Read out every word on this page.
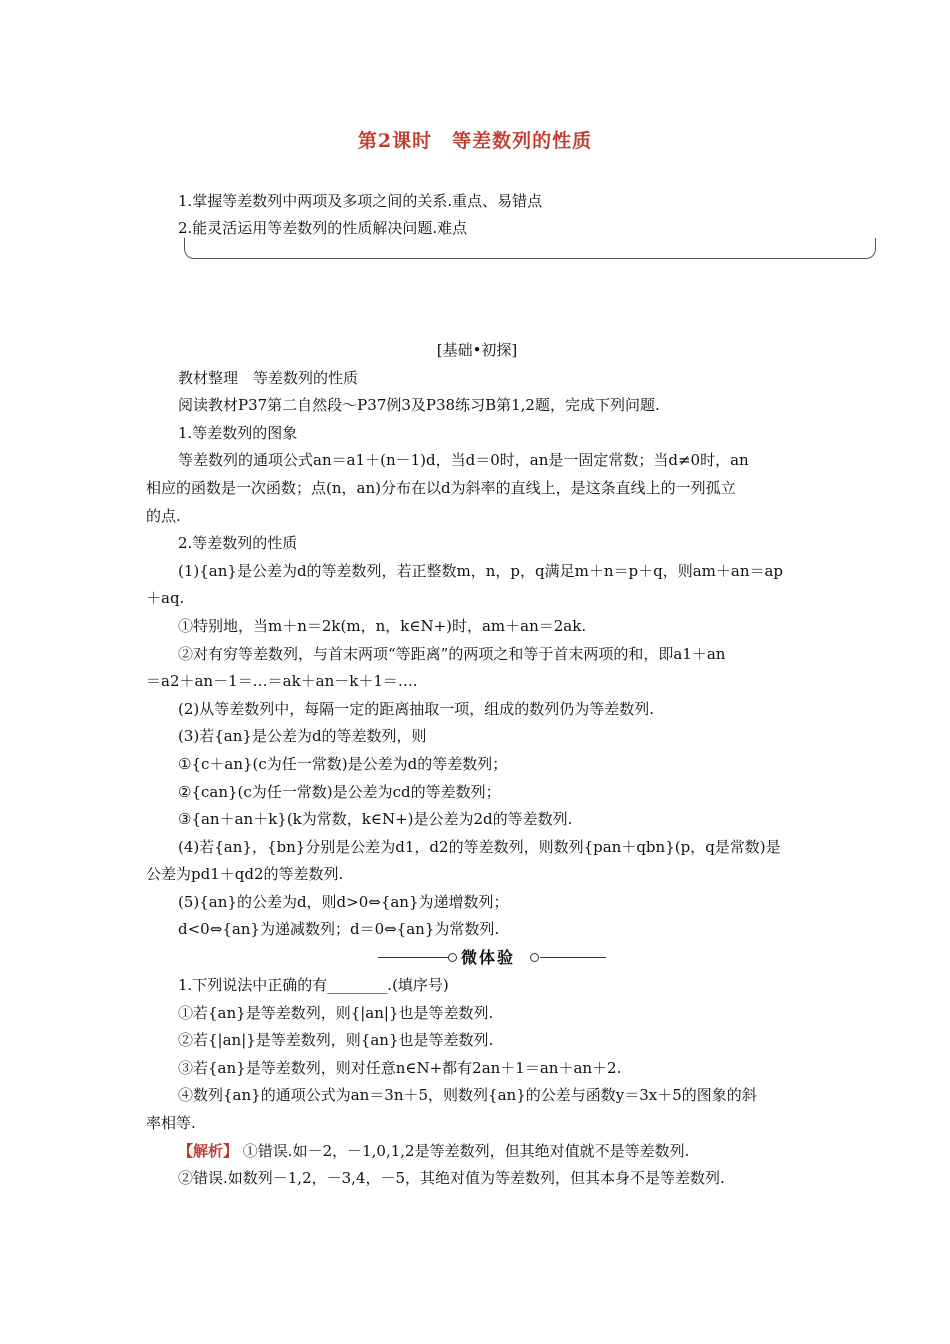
第2课时　等差数列的性质
1.掌握等差数列中两项及多项之间的关系.重点、易错点
2.能灵活运用等差数列的性质解决问题.难点

[基础•初探]

教材整理　等差数列的性质

阅读教材P37第二自然段～P37例3及P38练习B第1,2题，完成下列问题.

1.等差数列的图象

等差数列的通项公式an＝a1＋(n－1)d，当d＝0时，an是一固定常数；当d≠0时，an

相应的函数是一次函数；点(n，an)分布在以d为斜率的直线上，是这条直线上的一列孤立

的点.

2.等差数列的性质

(1){an}是公差为d的等差数列，若正整数m，n，p，q满足m＋n＝p＋q，则am＋an＝ap

＋aq.

①特别地，当m＋n＝2k(m，n，k∈N+)时，am＋an＝2ak.

②对有穷等差数列，与首末两项“等距离”的两项之和等于首末两项的和，即a1＋an

＝a2＋an－1＝…＝ak＋an－k＋1＝….

(2)从等差数列中，每隔一定的距离抽取一项，组成的数列仍为等差数列.

(3)若{an}是公差为d的等差数列，则

①{c＋an}(c为任一常数)是公差为d的等差数列；

②{can}(c为任一常数)是公差为cd的等差数列；

③{an＋an＋k}(k为常数，k∈N+)是公差为2d的等差数列.

(4)若{an}，{bn}分别是公差为d1，d2的等差数列，则数列{pan＋qbn}(p，q是常数)是

公差为pd1＋qd2的等差数列.

(5){an}的公差为d，则d>0⇔{an}为递增数列；

d<0⇔{an}为递减数列；d＝0⇔{an}为常数列.

微体验

1.下列说法中正确的有________.(填序号)

①若{an}是等差数列，则{|an|}也是等差数列.

②若{|an|}是等差数列，则{an}也是等差数列.

③若{an}是等差数列，则对任意n∈N+都有2an＋1＝an＋an＋2.

④数列{an}的通项公式为an＝3n＋5，则数列{an}的公差与函数y＝3x＋5的图象的斜

率相等.

【解析】 ①错误.如－2，－1,0,1,2是等差数列，但其绝对值就不是等差数列.

②错误.如数列－1,2，－3,4，－5，其绝对值为等差数列，但其本身不是等差数列.
